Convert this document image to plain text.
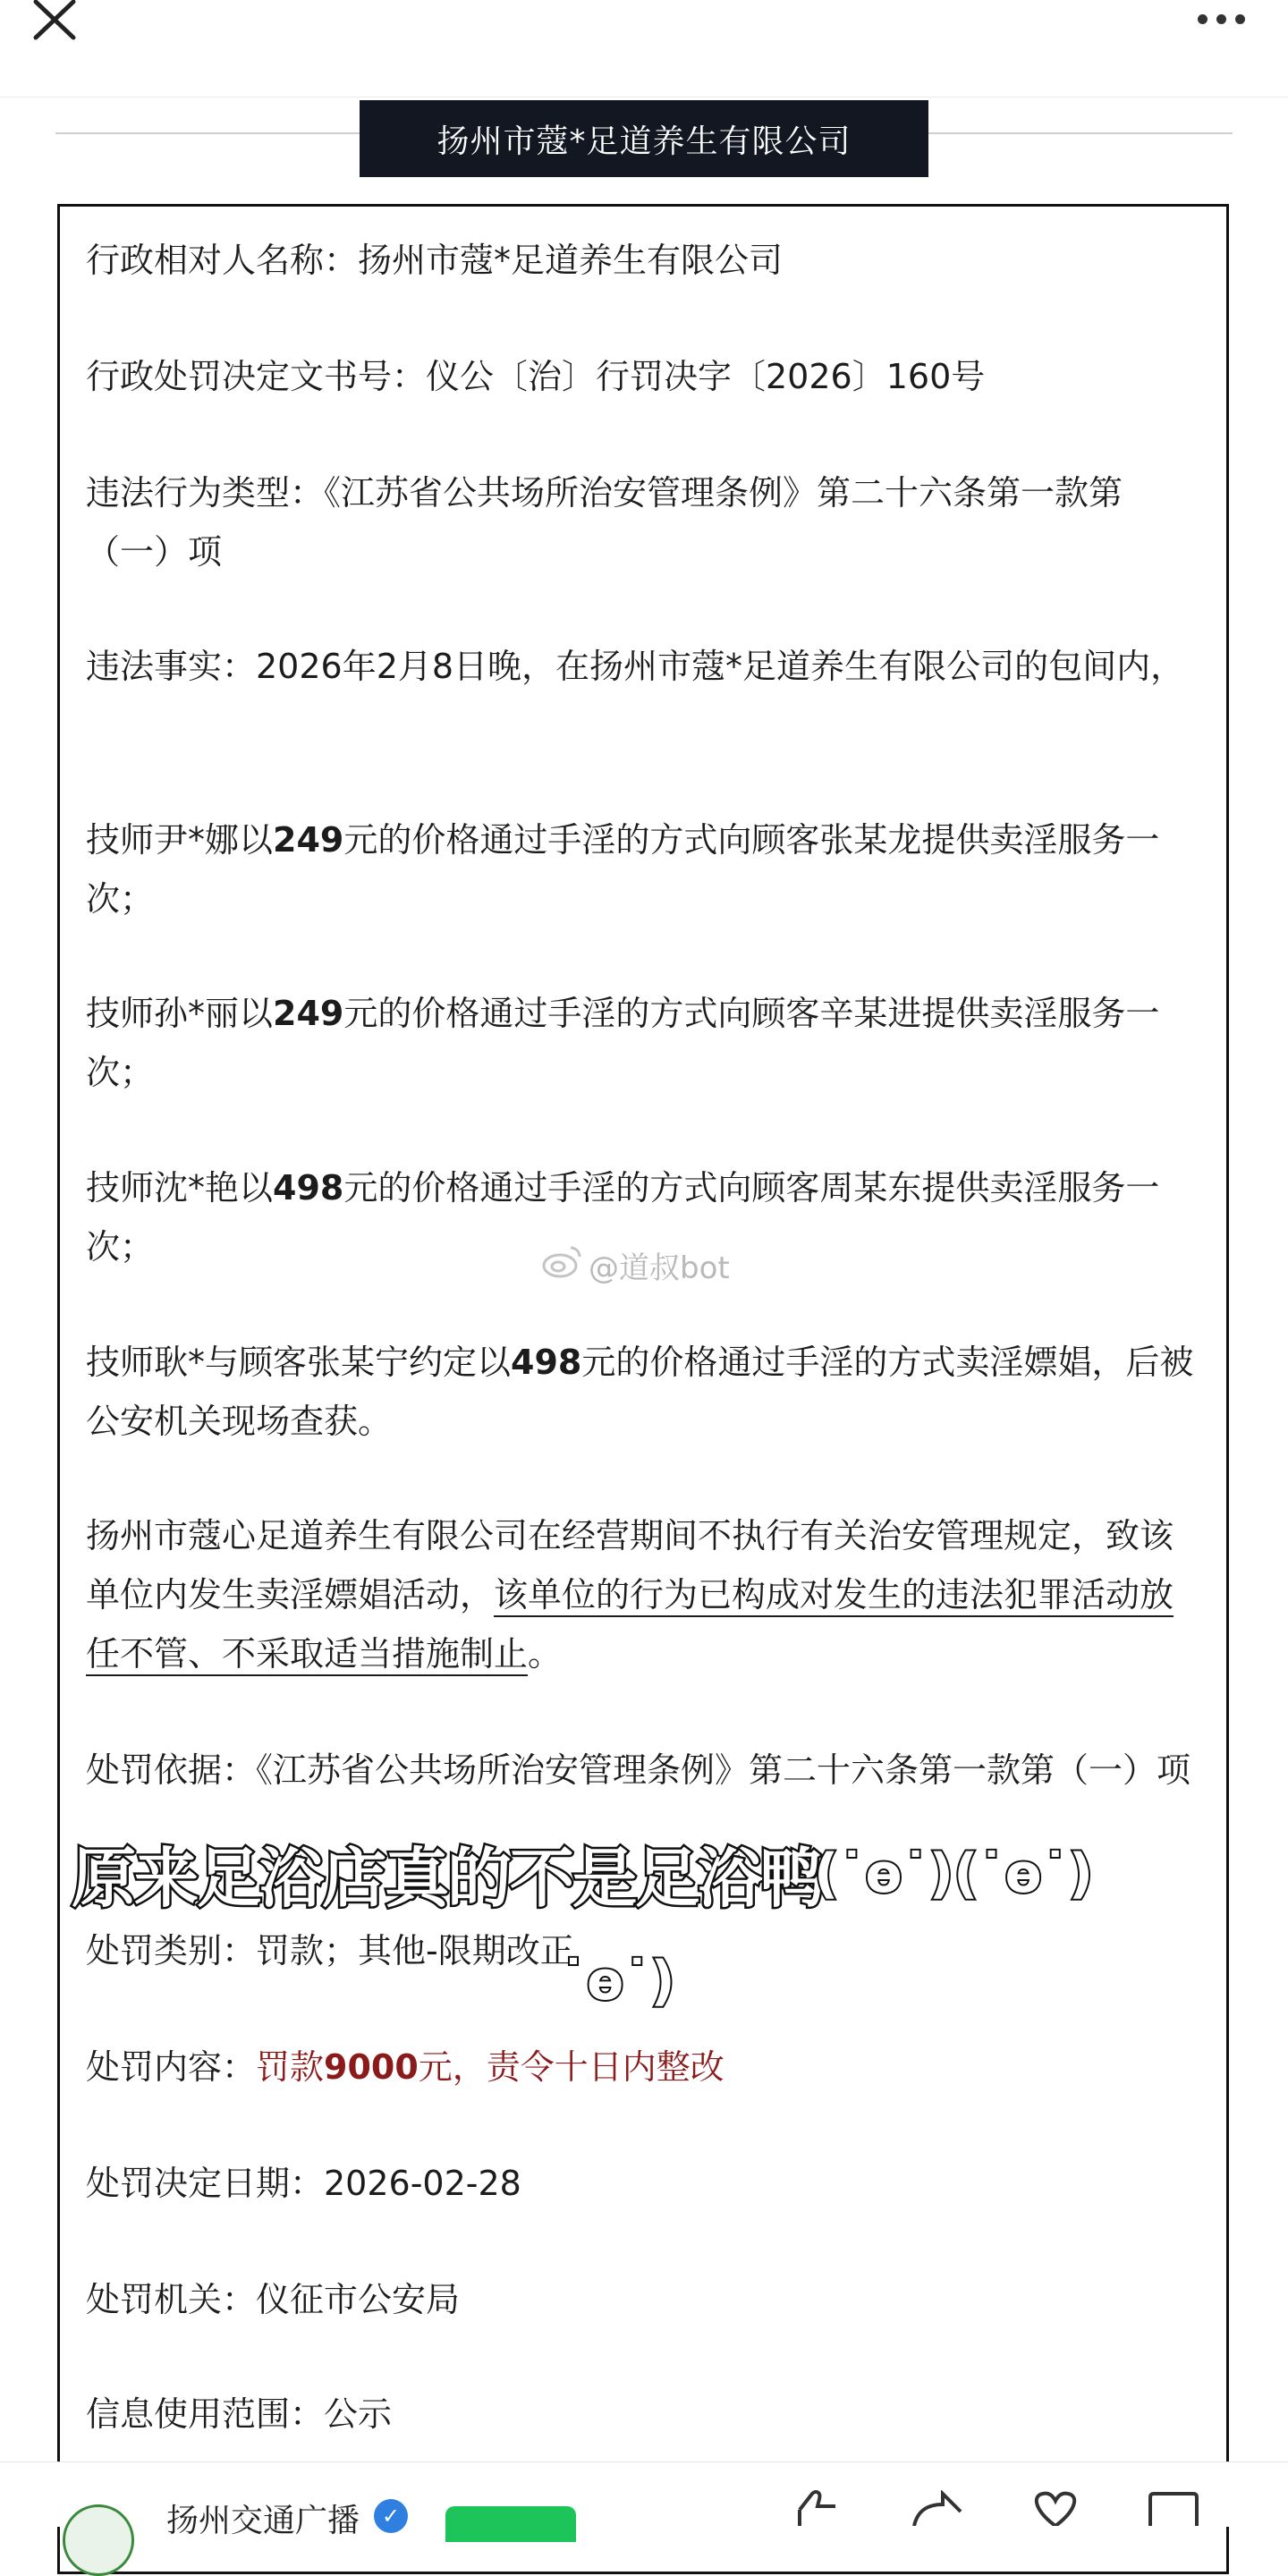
扬州市蔻*足道养生有限公司

行政相对人名称：扬州市蔻*足道养生有限公司

行政处罚决定文书号：仪公〔治〕行罚决字〔2026〕160号

违法行为类型：《江苏省公共场所治安管理条例》第二十六条第一款第（一）项

违法事实：2026年2月8日晚，在扬州市蔻*足道养生有限公司的包间内，

技师尹*娜以249元的价格通过手淫的方式向顾客张某龙提供卖淫服务一次；

技师孙*丽以249元的价格通过手淫的方式向顾客辛某进提供卖淫服务一次；

技师沈*艳以498元的价格通过手淫的方式向顾客周某东提供卖淫服务一次；

@道叔bot

技师耿*与顾客张某宁约定以498元的价格通过手淫的方式卖淫嫖娼，后被公安机关现场查获。

扬州市蔻心足道养生有限公司在经营期间不执行有关治安管理规定，致该单位内发生卖淫嫖娼活动，该单位的行为已构成对发生的违法犯罪活动放任不管、不采取适当措施制止。

处罚依据：《江苏省公共场所治安管理条例》第二十六条第一款第（一）项

处罚类别：罚款；其他-限期改正

处罚内容：罚款9000元，责令十日内整改

处罚决定日期：2026-02-28

处罚机关：仪征市公安局

信息使用范围：公示

原来足浴店真的不是足浴鸭
(˙ө˙)(˙ө˙)
˙ө˙)
扬州交通广播	✓
